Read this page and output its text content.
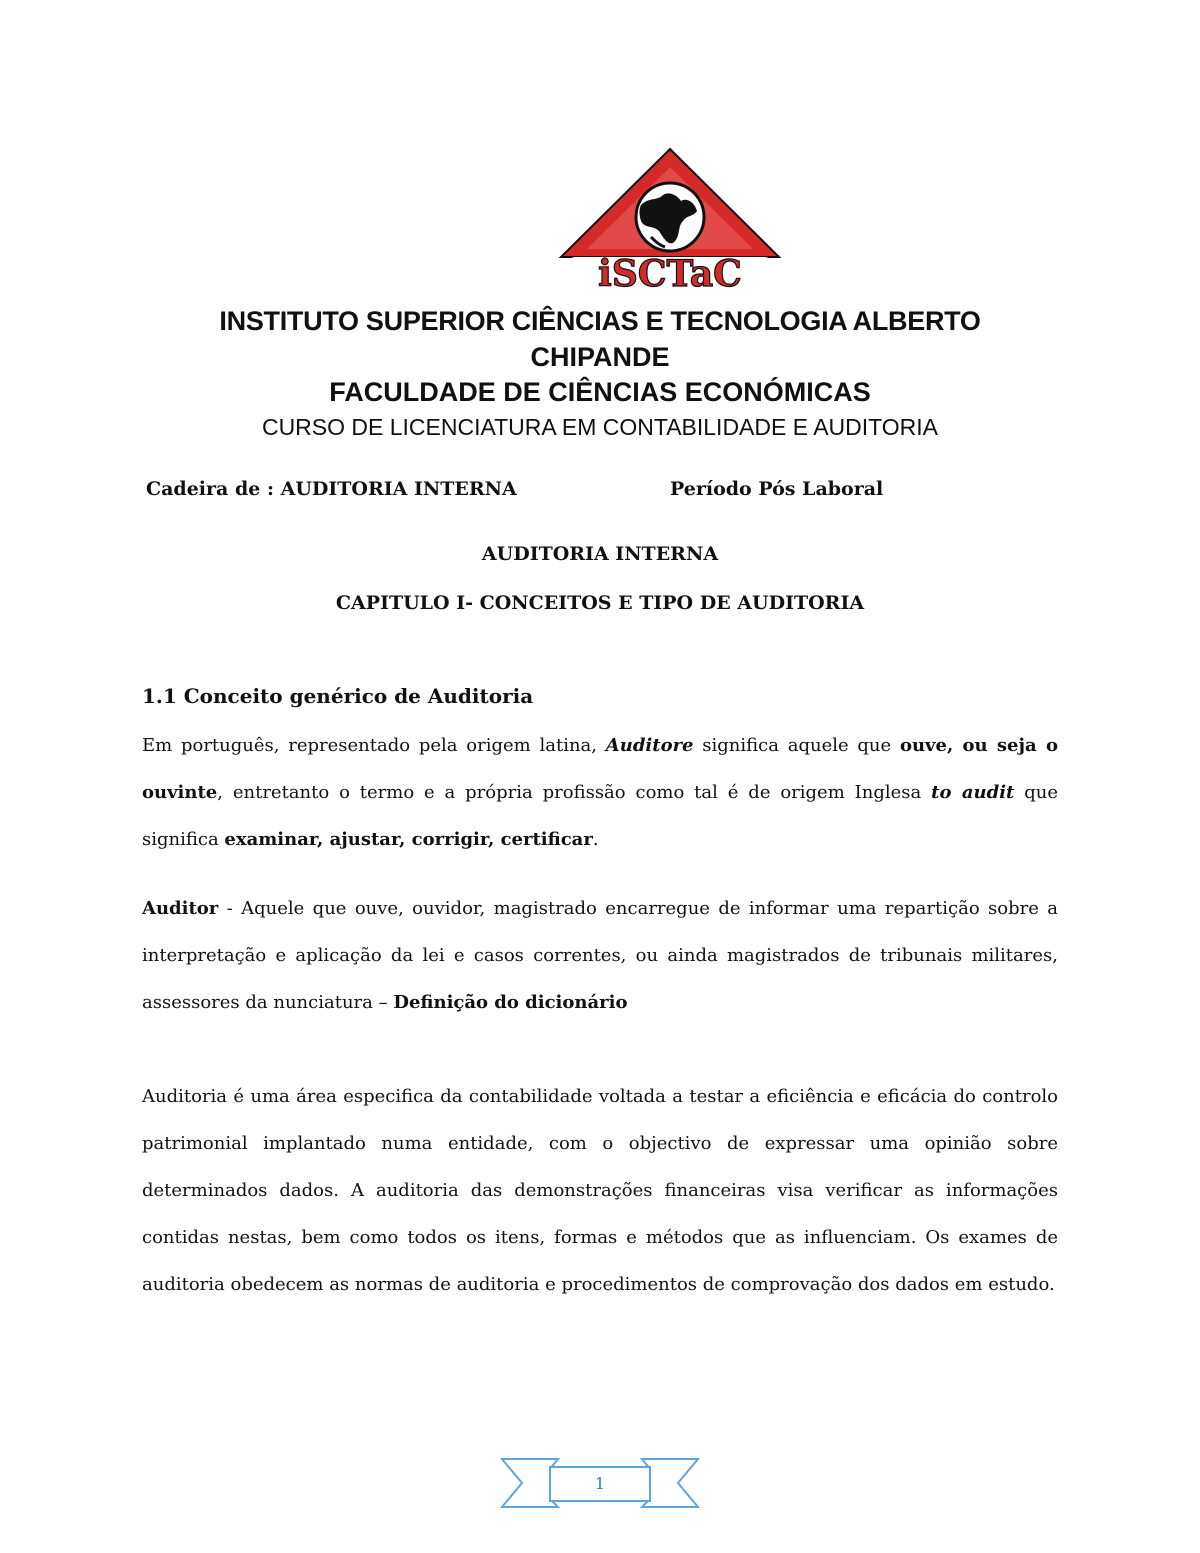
iSCTaC
INSTITUTO SUPERIOR CIÊNCIAS E TECNOLOGIA ALBERTO
CHIPANDE
FACULDADE DE CIÊNCIAS ECONÓMICAS
CURSO DE LICENCIATURA EM CONTABILIDADE E AUDITORIA
Cadeira de : AUDITORIA INTERNA	Período Pós Laboral
AUDITORIA INTERNA
CAPITULO I- CONCEITOS E TIPO DE AUDITORIA
1.1 Conceito genérico de Auditoria

Em português, representado pela origem latina, Auditore significa aquele que ouve, ou seja o ouvinte, entretanto o termo e a própria profissão como tal é de origem Inglesa to audit que significa examinar, ajustar, corrigir, certificar.

Auditor - Aquele que ouve, ouvidor, magistrado encarregue de informar uma repartição sobre a interpretação e aplicação da lei e casos correntes, ou ainda magistrados de tribunais militares, assessores da nunciatura – Definição do dicionário

Auditoria é uma área especifica da contabilidade voltada a testar a eficiência e eficácia do controlo patrimonial implantado numa entidade, com o objectivo de expressar uma opinião sobre determinados dados. A auditoria das demonstrações financeiras visa verificar as informações contidas nestas, bem como todos os itens, formas e métodos que as influenciam. Os exames de auditoria obedecem as normas de auditoria e procedimentos de comprovação dos dados em estudo.

1
